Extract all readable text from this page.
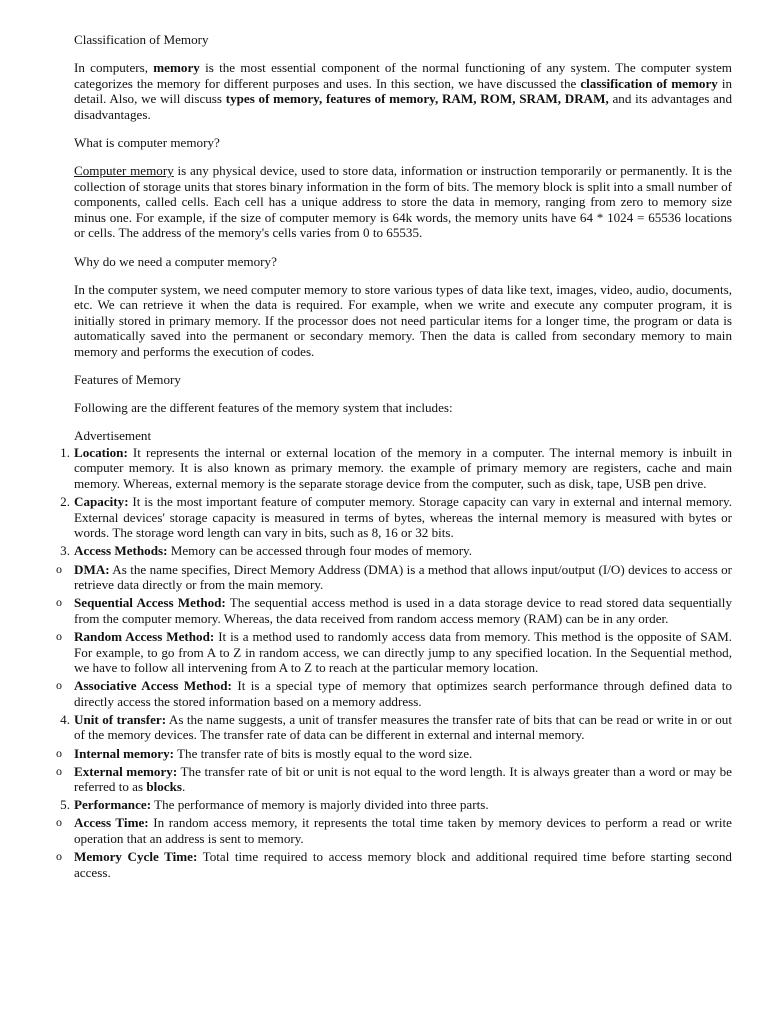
Classification of Memory

In computers, memory is the most essential component of the normal functioning of any system. The computer system categorizes the memory for different purposes and uses. In this section, we have discussed the classification of memory in detail. Also, we will discuss types of memory, features of memory, RAM, ROM, SRAM, DRAM, and its advantages and disadvantages.

What is computer memory?

Computer memory is any physical device, used to store data, information or instruction temporarily or permanently. It is the collection of storage units that stores binary information in the form of bits. The memory block is split into a small number of components, called cells. Each cell has a unique address to store the data in memory, ranging from zero to memory size minus one. For example, if the size of computer memory is 64k words, the memory units have 64 * 1024 = 65536 locations or cells. The address of the memory's cells varies from 0 to 65535.

Why do we need a computer memory?

In the computer system, we need computer memory to store various types of data like text, images, video, audio, documents, etc. We can retrieve it when the data is required. For example, when we write and execute any computer program, it is initially stored in primary memory. If the processor does not need particular items for a longer time, the program or data is automatically saved into the permanent or secondary memory. Then the data is called from secondary memory to main memory and performs the execution of codes.

Features of Memory

Following are the different features of the memory system that includes:

Advertisement
1. Location: It represents the internal or external location of the memory in a computer. The internal memory is inbuilt in computer memory. It is also known as primary memory. the example of primary memory are registers, cache and main memory. Whereas, external memory is the separate storage device from the computer, such as disk, tape, USB pen drive.
2. Capacity: It is the most important feature of computer memory. Storage capacity can vary in external and internal memory. External devices' storage capacity is measured in terms of bytes, whereas the internal memory is measured with bytes or words. The storage word length can vary in bits, such as 8, 16 or 32 bits.
3. Access Methods: Memory can be accessed through four modes of memory.
o DMA: As the name specifies, Direct Memory Address (DMA) is a method that allows input/output (I/O) devices to access or retrieve data directly or from the main memory.
o Sequential Access Method: The sequential access method is used in a data storage device to read stored data sequentially from the computer memory. Whereas, the data received from random access memory (RAM) can be in any order.
o Random Access Method: It is a method used to randomly access data from memory. This method is the opposite of SAM. For example, to go from A to Z in random access, we can directly jump to any specified location. In the Sequential method, we have to follow all intervening from A to Z to reach at the particular memory location.
o Associative Access Method: It is a special type of memory that optimizes search performance through defined data to directly access the stored information based on a memory address.
4. Unit of transfer: As the name suggests, a unit of transfer measures the transfer rate of bits that can be read or write in or out of the memory devices. The transfer rate of data can be different in external and internal memory.
o Internal memory: The transfer rate of bits is mostly equal to the word size.
o External memory: The transfer rate of bit or unit is not equal to the word length. It is always greater than a word or may be referred to as blocks.
5. Performance: The performance of memory is majorly divided into three parts.
o Access Time: In random access memory, it represents the total time taken by memory devices to perform a read or write operation that an address is sent to memory.
o Memory Cycle Time: Total time required to access memory block and additional required time before starting second access.
